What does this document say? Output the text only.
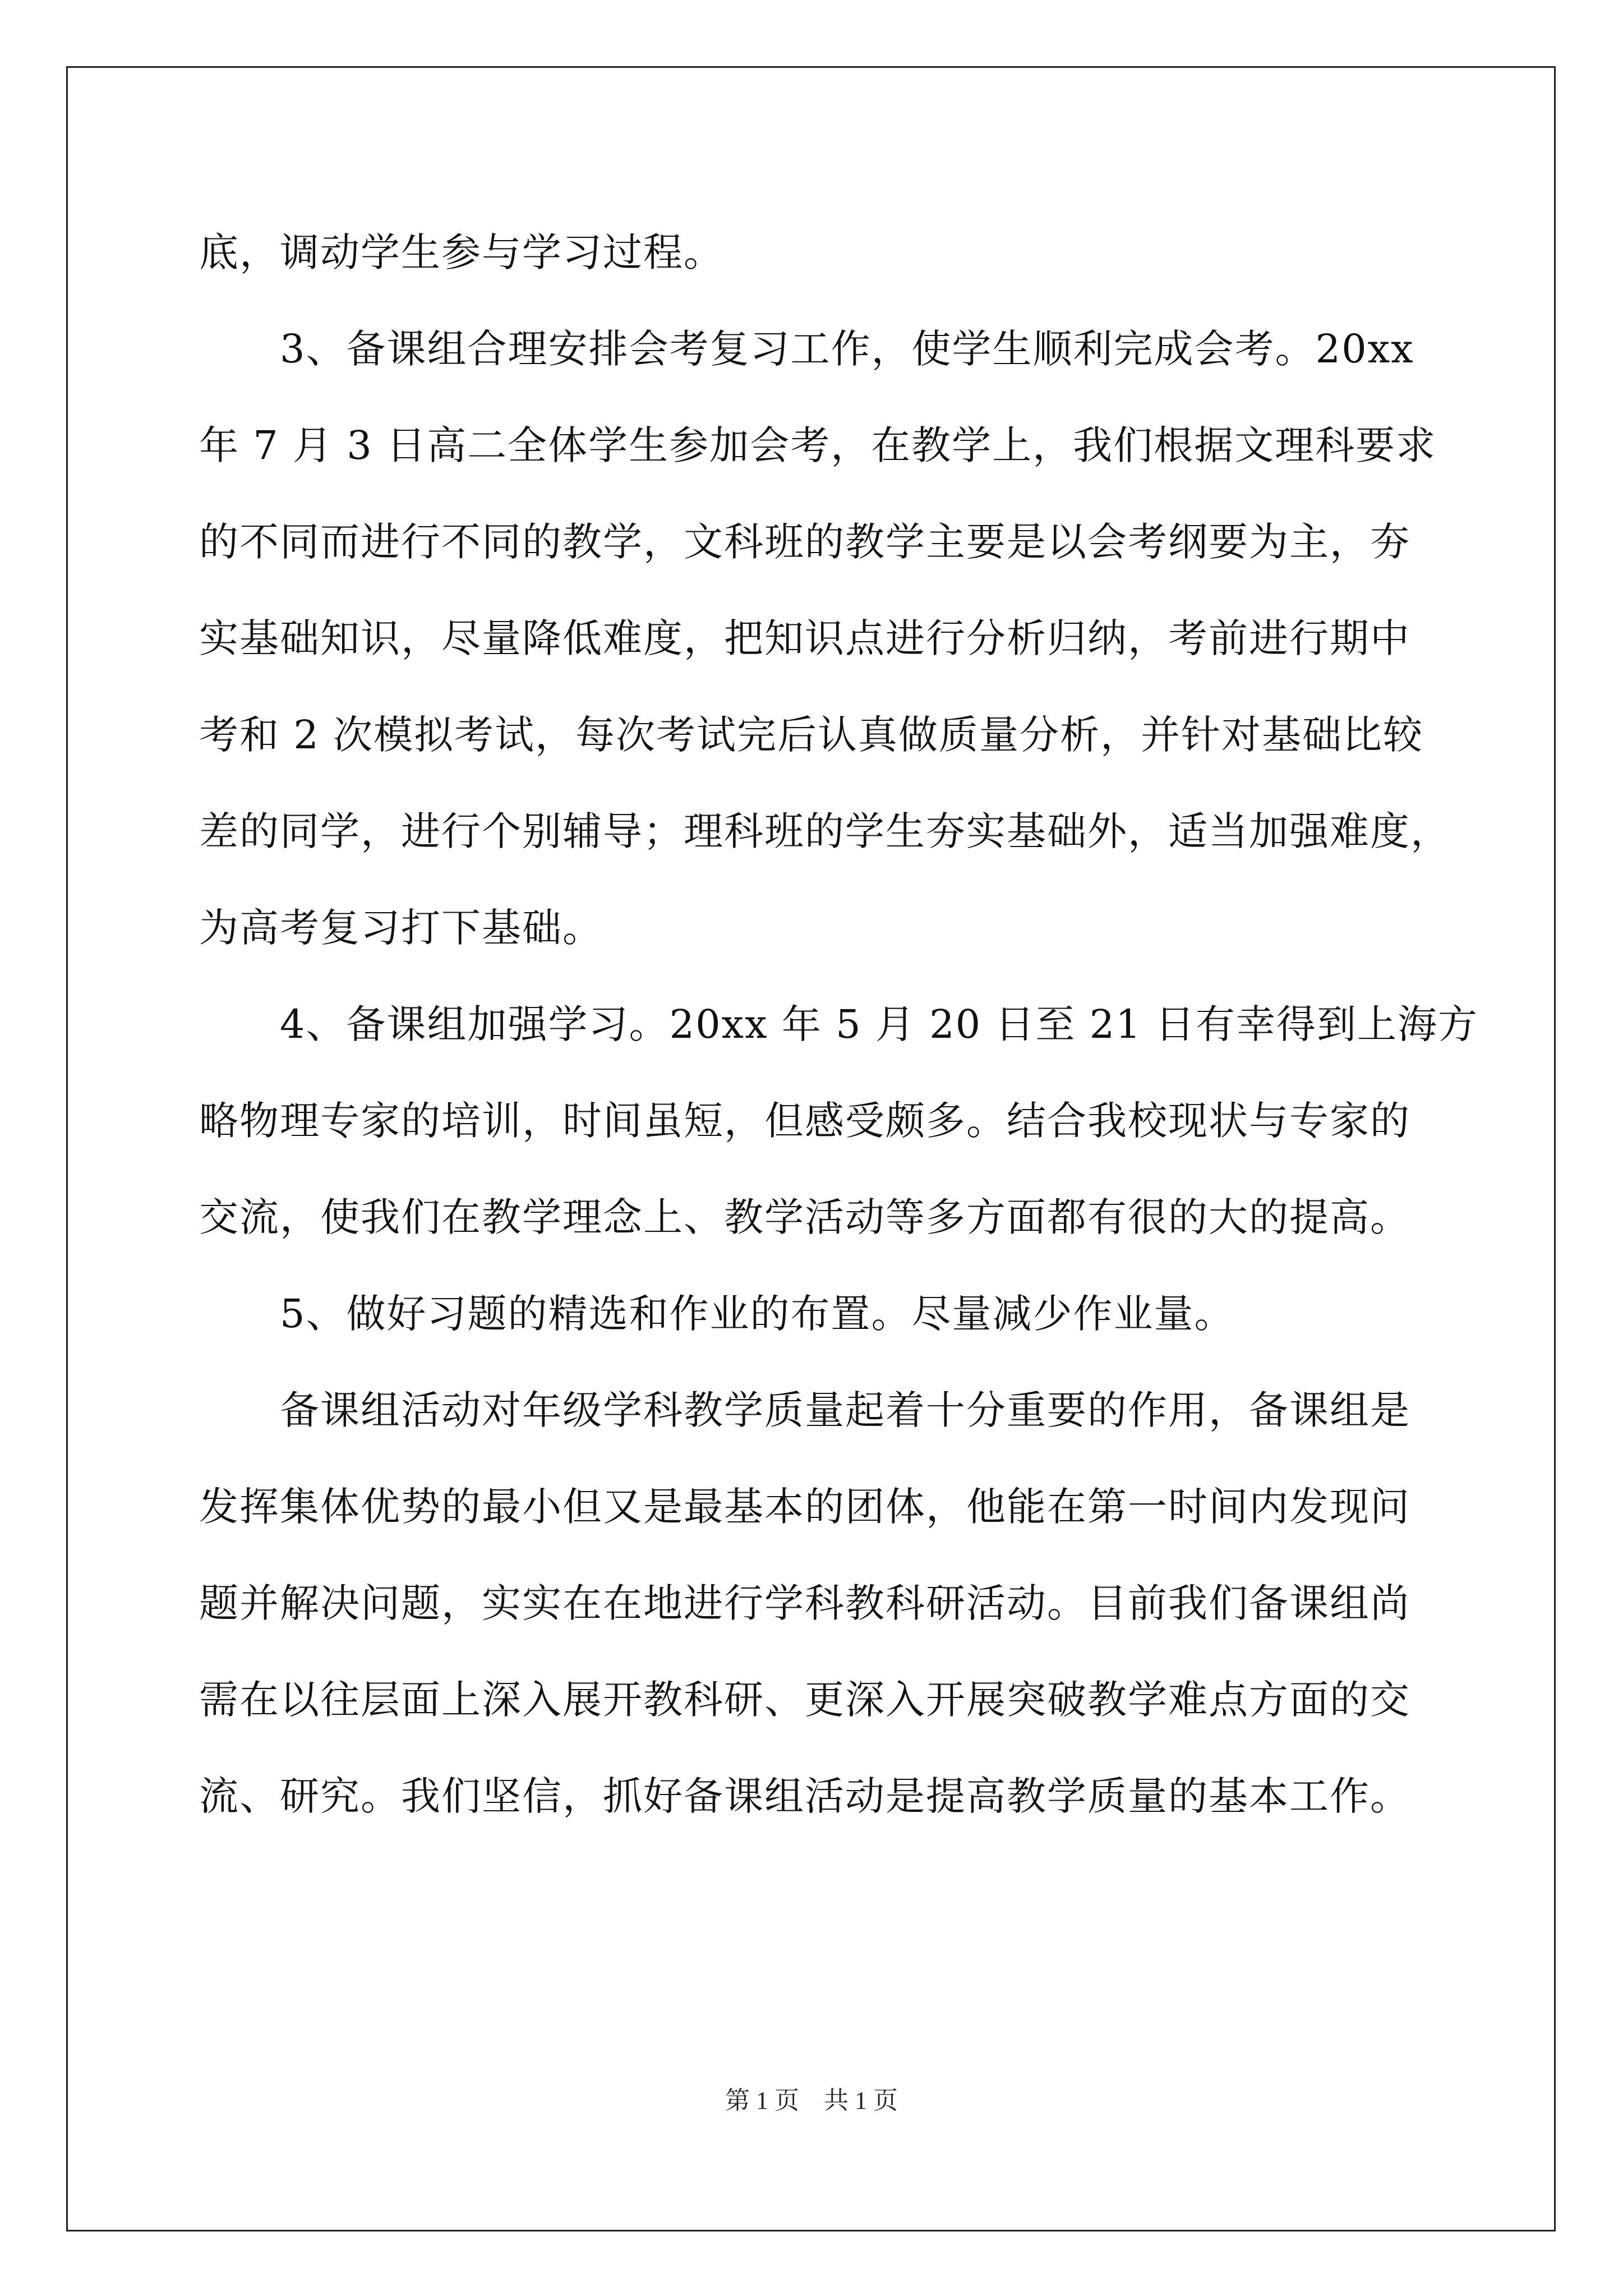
底，调动学生参与学习过程。
　　3、备课组合理安排会考复习工作，使学生顺利完成会考。20xx
年 7 月 3 日高二全体学生参加会考，在教学上，我们根据文理科要求
的不同而进行不同的教学，文科班的教学主要是以会考纲要为主，夯
实基础知识，尽量降低难度，把知识点进行分析归纳，考前进行期中
考和 2 次模拟考试，每次考试完后认真做质量分析，并针对基础比较
差的同学，进行个别辅导；理科班的学生夯实基础外，适当加强难度，
为高考复习打下基础。
　　4、备课组加强学习。20xx 年 5 月 20 日至 21 日有幸得到上海方
略物理专家的培训，时间虽短，但感受颇多。结合我校现状与专家的
交流，使我们在教学理念上、教学活动等多方面都有很的大的提高。
　　5、做好习题的精选和作业的布置。尽量减少作业量。
　　备课组活动对年级学科教学质量起着十分重要的作用，备课组是
发挥集体优势的最小但又是最基本的团体，他能在第一时间内发现问
题并解决问题，实实在在地进行学科教科研活动。目前我们备课组尚
需在以往层面上深入展开教科研、更深入开展突破教学难点方面的交
流、研究。我们坚信，抓好备课组活动是提高教学质量的基本工作。
第 1 页　共 1 页
